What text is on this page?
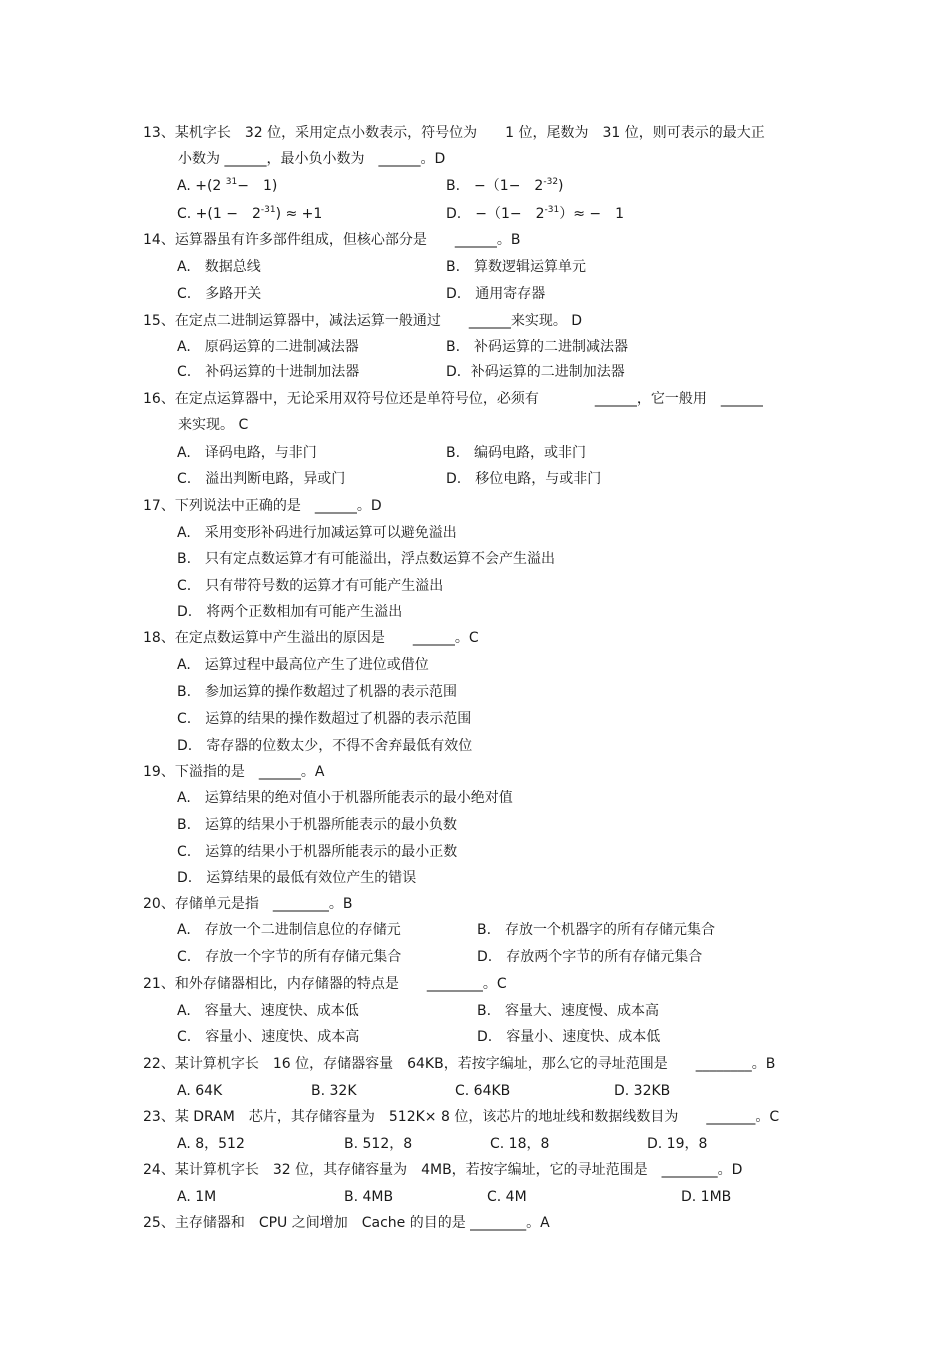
13、某机字长　32 位，采用定点小数表示，符号位为　　1 位，尾数为　31 位，则可表示的最大正
小数为 ______，最小负小数为　______。D
A. +(2 $^{31}$−　1)	B.　−（1−　$2^{-32}$)
C. +(1 −　$2^{-31}) \approx +1$	D.　−（1−　$2^{-31})\approx$ −　1
14、运算器虽有许多部件组成，但核心部分是　　______。B
A.　数据总线	B.　算数逻辑运算单元
C.　多路开关	D.　通用寄存器
15、在定点二进制运算器中，减法运算一般通过　　______来实现。 D
A.　原码运算的二进制减法器	B.　补码运算的二进制减法器
C.　补码运算的十进制加法器	D．补码运算的二进制加法器
16、在定点运算器中，无论采用双符号位还是单符号位，必须有　　　　______，它一般用　______
来实现。 C
A.　译码电路，与非门	B.　编码电路，或非门
C.　溢出判断电路，异或门	D.　移位电路，与或非门
17、下列说法中正确的是　______。D
A.　采用变形补码进行加减运算可以避免溢出
B.　只有定点数运算才有可能溢出，浮点数运算不会产生溢出
C.　只有带符号数的运算才有可能产生溢出
D.　将两个正数相加有可能产生溢出
18、在定点数运算中产生溢出的原因是　　______。C
A.　运算过程中最高位产生了进位或借位
B.　参加运算的操作数超过了机器的表示范围
C.　运算的结果的操作数超过了机器的表示范围
D.　寄存器的位数太少，不得不舍弃最低有效位
19、下溢指的是　______。A
A.　运算结果的绝对值小于机器所能表示的最小绝对值
B.　运算的结果小于机器所能表示的最小负数
C.　运算的结果小于机器所能表示的最小正数
D.　运算结果的最低有效位产生的错误
20、存储单元是指　________。B
A.　存放一个二进制信息位的存储元	B.　存放一个机器字的所有存储元集合
C.　存放一个字节的所有存储元集合	D.　存放两个字节的所有存储元集合
21、和外存储器相比，内存储器的特点是　　________。C
A.　容量大、速度快、成本低	B.　容量大、速度慢、成本高
C.　容量小、速度快、成本高	D.　容量小、速度快、成本低
22、某计算机字长　16 位，存储器容量　64KB，若按字编址，那么它的寻址范围是　　________。B
A. 64K	B. 32K	C. 64KB	D. 32KB
23、某 DRAM　芯片，其存储容量为　512K× 8 位，该芯片的地址线和数据线数目为　　_______。C
A. 8，512	B. 512，8	C. 18，8	D. 19，8
24、某计算机字长　32 位，其存储容量为　4MB，若按字编址，它的寻址范围是　________。D
A. 1M	B. 4MB	C. 4M	D. 1MB
25、主存储器和　CPU 之间增加　Cache 的目的是 ________。A
